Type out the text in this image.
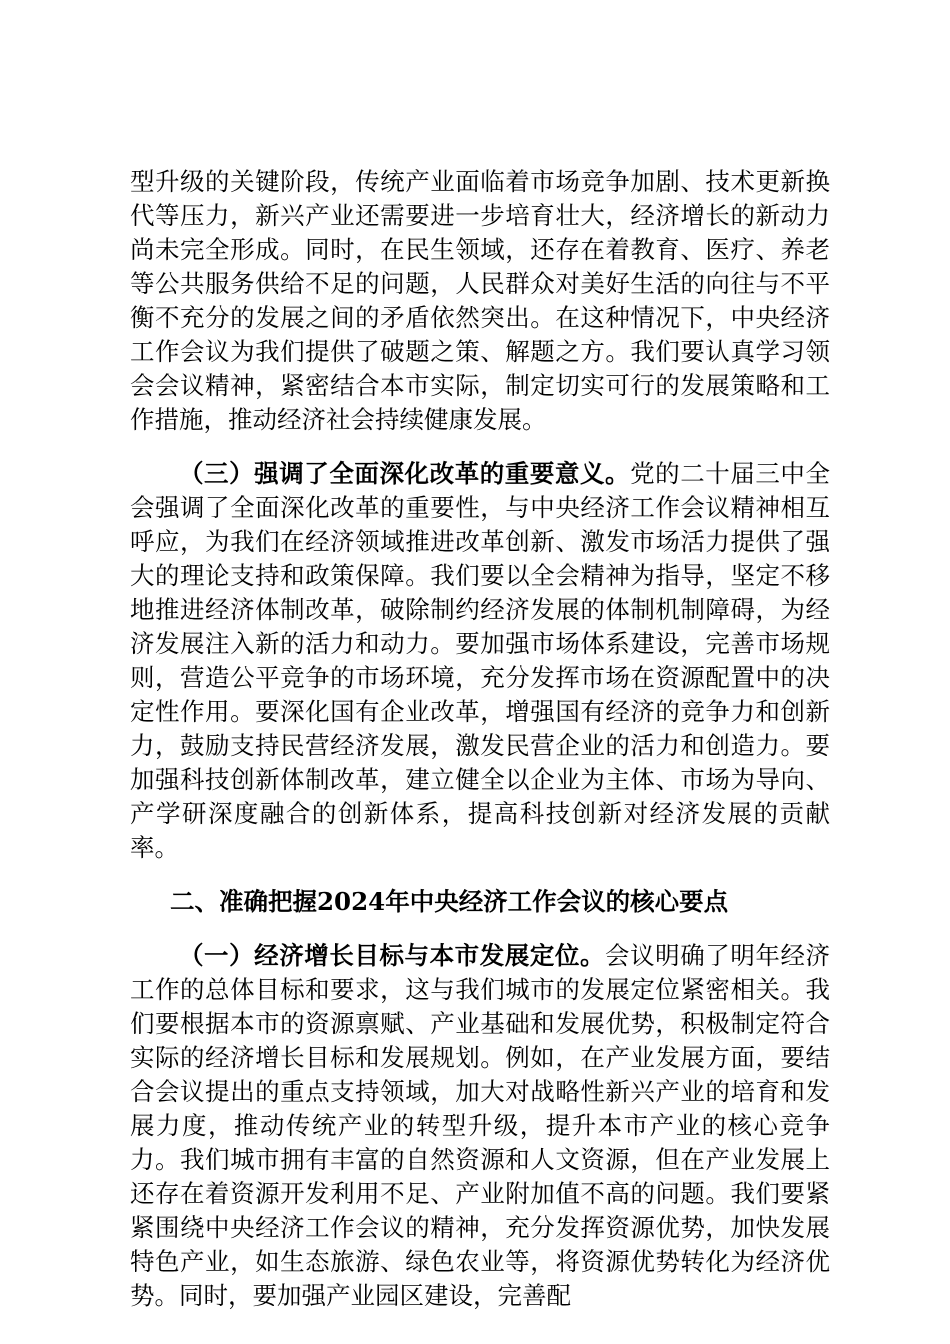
型升级的关键阶段，传统产业面临着市场竞争加剧、技术更新换代等压力，新兴产业还需要进一步培育壮大，经济增长的新动力尚未完全形成。同时，在民生领域，还存在着教育、医疗、养老等公共服务供给不足的问题，人民群众对美好生活的向往与不平衡不充分的发展之间的矛盾依然突出。在这种情况下，中央经济工作会议为我们提供了破题之策、解题之方。我们要认真学习领会会议精神，紧密结合本市实际，制定切实可行的发展策略和工作措施，推动经济社会持续健康发展。

（三）强调了全面深化改革的重要意义。党的二十届三中全会强调了全面深化改革的重要性，与中央经济工作会议精神相互呼应，为我们在经济领域推进改革创新、激发市场活力提供了强大的理论支持和政策保障。我们要以全会精神为指导，坚定不移地推进经济体制改革，破除制约经济发展的体制机制障碍，为经济发展注入新的活力和动力。要加强市场体系建设，完善市场规则，营造公平竞争的市场环境，充分发挥市场在资源配置中的决定性作用。要深化国有企业改革，增强国有经济的竞争力和创新力，鼓励支持民营经济发展，激发民营企业的活力和创造力。要加强科技创新体制改革，建立健全以企业为主体、市场为导向、产学研深度融合的创新体系，提高科技创新对经济发展的贡献率。

二、准确把握2024年中央经济工作会议的核心要点

（一）经济增长目标与本市发展定位。会议明确了明年经济工作的总体目标和要求，这与我们城市的发展定位紧密相关。我们要根据本市的资源禀赋、产业基础和发展优势，积极制定符合实际的经济增长目标和发展规划。例如，在产业发展方面，要结合会议提出的重点支持领域，加大对战略性新兴产业的培育和发展力度，推动传统产业的转型升级，提升本市产业的核心竞争力。我们城市拥有丰富的自然资源和人文资源，但在产业发展上还存在着资源开发利用不足、产业附加值不高的问题。我们要紧紧围绕中央经济工作会议的精神，充分发挥资源优势，加快发展特色产业，如生态旅游、绿色农业等，将资源优势转化为经济优势。同时，要加强产业园区建设，完善配
